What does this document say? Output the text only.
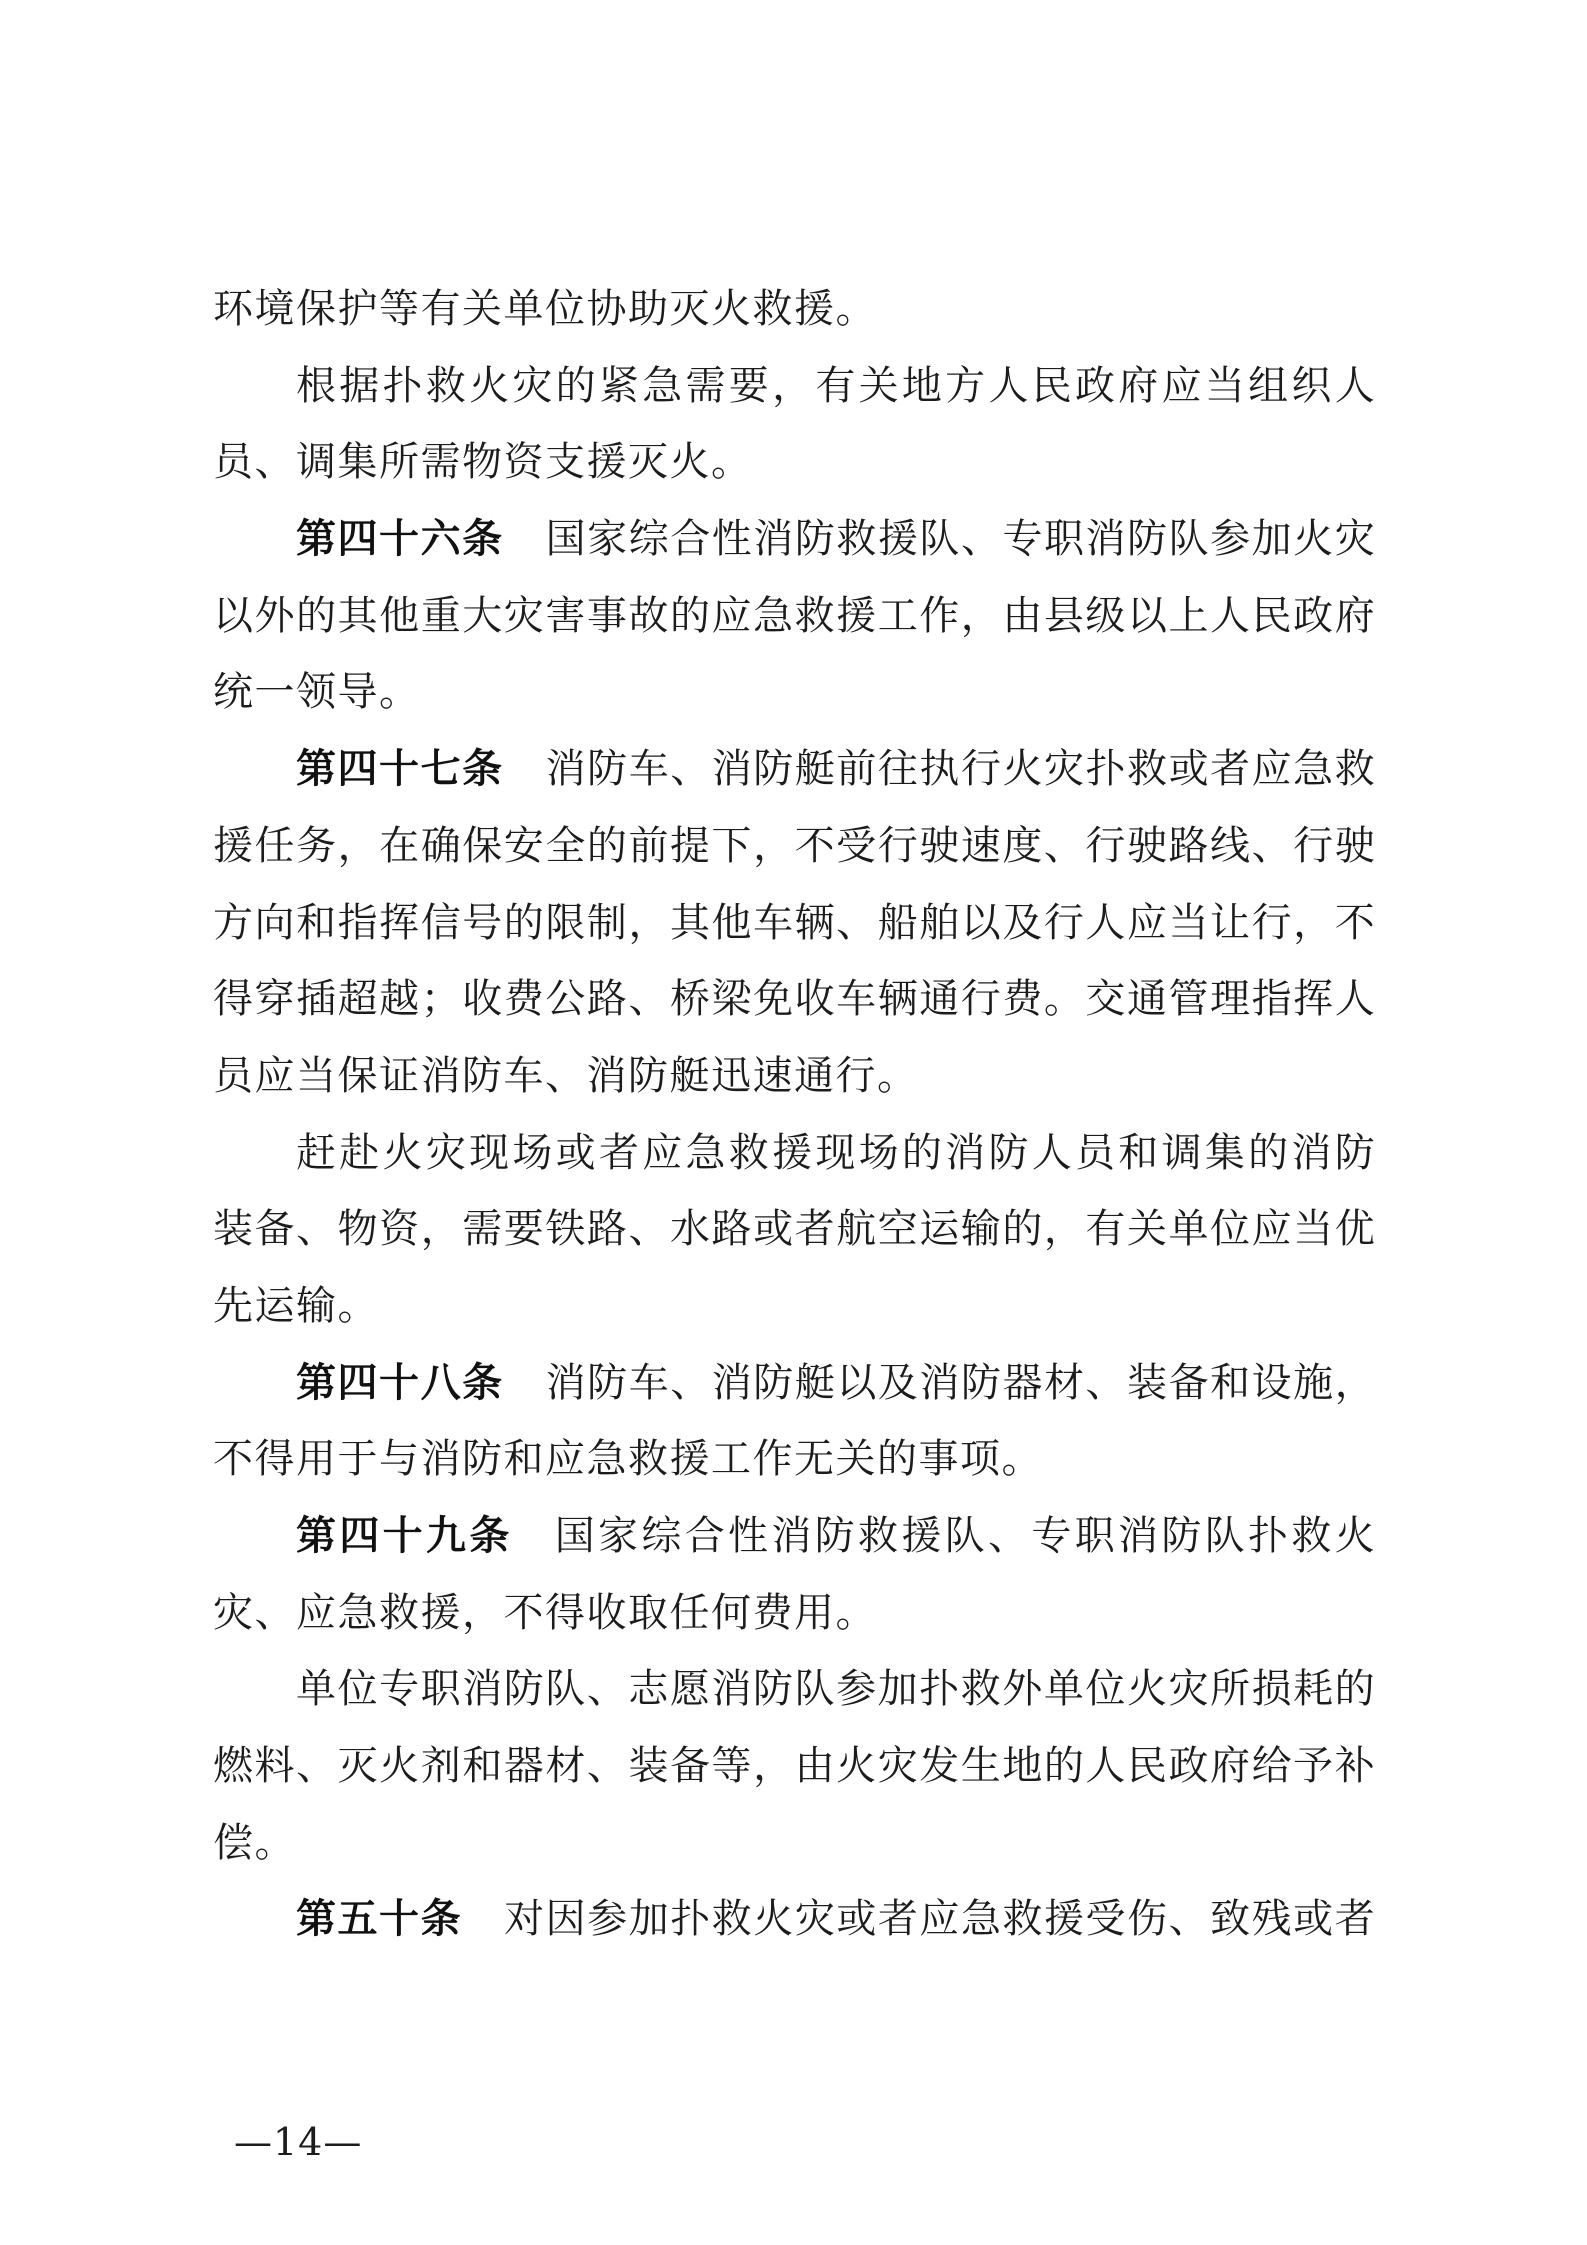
环境保护等有关单位协助灭火救援。
根据扑救火灾的紧急需要，有关地方人民政府应当组织人
员、调集所需物资支援灭火。
第四十六条 国家综合性消防救援队、专职消防队参加火灾
以外的其他重大灾害事故的应急救援工作，由县级以上人民政府
统一领导。
第四十七条 消防车、消防艇前往执行火灾扑救或者应急救
援任务，在确保安全的前提下，不受行驶速度、行驶路线、行驶
方向和指挥信号的限制，其他车辆、船舶以及行人应当让行，不
得穿插超越；收费公路、桥梁免收车辆通行费。交通管理指挥人
员应当保证消防车、消防艇迅速通行。
赶赴火灾现场或者应急救援现场的消防人员和调集的消防
装备、物资，需要铁路、水路或者航空运输的，有关单位应当优
先运输。
第四十八条 消防车、消防艇以及消防器材、装备和设施，
不得用于与消防和应急救援工作无关的事项。
第四十九条 国家综合性消防救援队、专职消防队扑救火
灾、应急救援，不得收取任何费用。
单位专职消防队、志愿消防队参加扑救外单位火灾所损耗的
燃料、灭火剂和器材、装备等，由火灾发生地的人民政府给予补
偿。
第五十条 对因参加扑救火灾或者应急救援受伤、致残或者
—14—
